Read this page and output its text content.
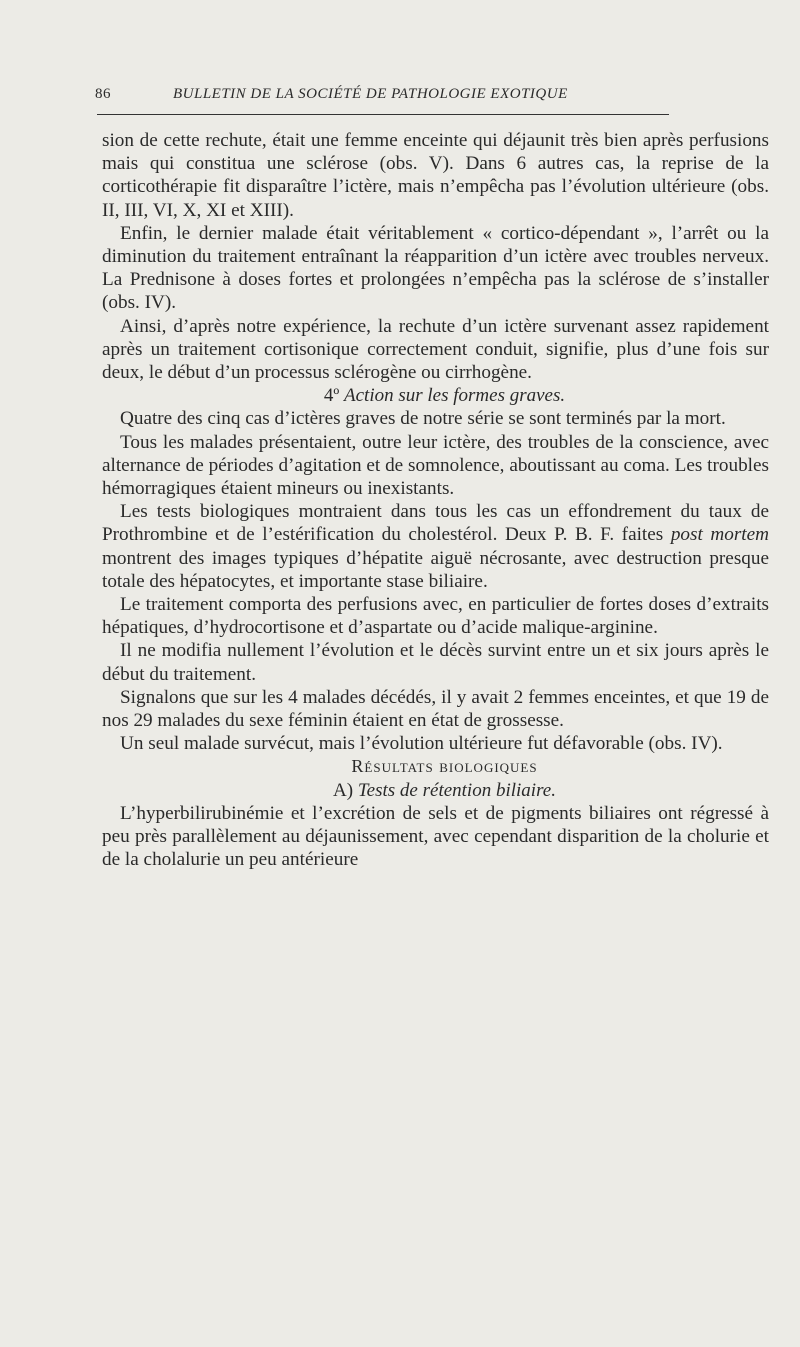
86	BULLETIN DE LA SOCIÉTÉ DE PATHOLOGIE EXOTIQUE

sion de cette rechute, était une femme enceinte qui déjaunit très bien après perfusions mais qui constitua une sclérose (obs. V). Dans 6 autres cas, la reprise de la corticothérapie fit disparaître l’ictère, mais n’empêcha pas l’évolution ultérieure (obs. II, III, VI, X, XI et XIII).

Enfin, le dernier malade était véritablement « cortico-dépendant », l’arrêt ou la diminution du traitement entraînant la réapparition d’un ictère avec troubles nerveux. La Prednisone à doses fortes et prolongées n’empêcha pas la sclérose de s’installer (obs. IV).

Ainsi, d’après notre expérience, la rechute d’un ictère survenant assez rapidement après un traitement cortisonique correctement conduit, signifie, plus d’une fois sur deux, le début d’un processus sclérogène ou cirrhogène.

4º Action sur les formes graves.

Quatre des cinq cas d’ictères graves de notre série se sont terminés par la mort.

Tous les malades présentaient, outre leur ictère, des troubles de la conscience, avec alternance de périodes d’agitation et de somnolence, aboutissant au coma. Les troubles hémorragiques étaient mineurs ou inexistants.

Les tests biologiques montraient dans tous les cas un effondrement du taux de Prothrombine et de l’estérification du cholestérol. Deux P. B. F. faites post mortem montrent des images typiques d’hépatite aiguë nécrosante, avec destruction presque totale des hépatocytes, et importante stase biliaire.

Le traitement comporta des perfusions avec, en particulier de fortes doses d’extraits hépatiques, d’hydrocortisone et d’aspartate ou d’acide malique-arginine.

Il ne modifia nullement l’évolution et le décès survint entre un et six jours après le début du traitement.

Signalons que sur les 4 malades décédés, il y avait 2 femmes enceintes, et que 19 de nos 29 malades du sexe féminin étaient en état de grossesse.

Un seul malade survécut, mais l’évolution ultérieure fut défavorable (obs. IV).

Résultats biologiques

A) Tests de rétention biliaire.

L’hyperbilirubinémie et l’excrétion de sels et de pigments biliaires ont régressé à peu près parallèlement au déjaunissement, avec cependant disparition de la cholurie et de la cholalurie un peu antérieure
